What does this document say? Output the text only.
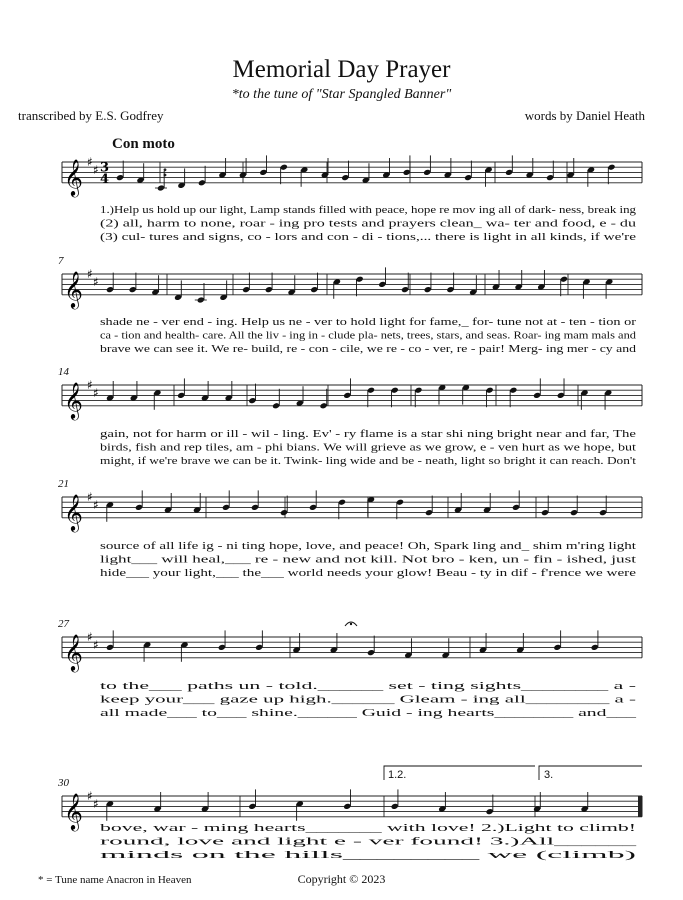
Memorial Day Prayer
*to the tune of "Star Spangled Banner"
transcribed by E.S. Godfrey	words by Daniel Heath
Con moto
𝄞 ♯
♯ 3
4
1.)Help us hold up our light, Lamp stands filled with peace, hope re mov ing all of dark- ness, break ing
(2) all, harm to none, roar - ing pro tests and prayers clean_ wa- ter and food, e - du
(3) cul- tures and signs, co - lors and con - di - tions,... there is light in all kinds, if we're
𝄞 ♯
♯
7
shade ne - ver end - ing. Help us ne - ver to hold light for fame,_ for- tune not at - ten - tion or
ca - tion and health- care. All the liv - ing in - clude pla- nets, trees, stars, and seas. Roar- ing mam mals and
brave we can see it. We re- build, re - con - cile, we re - co - ver, re - pair! Merg- ing mer - cy and
𝄞 ♯
♯
14
gain, not for harm or ill - wil - ling. Ev' - ry flame is a star shi ning bright near and far, The
birds, fish and rep tiles, am - phi bians. We will grieve as we grow, e - ven hurt as we hope, but
might, if we're brave we can be it. Twink- ling wide and be - neath, light so bright it can reach. Don't
𝄞 ♯
♯
21
source of all life ig - ni ting hope, love, and peace! Oh, Spark ling and_ shim m'ring light
light___ will heal,___ re - new and not kill. Not bro - ken, un - fin - ished, just
hide___ your light,___ the___ world needs your glow! Beau - ty in dif - f'rence we were
𝄞 ♯
♯
27
to the___ paths un - told.______ set - ting sights________ a -
keep your___ gaze up high.______ Gleam - ing all________ a -
all made___ to___ shine.______ Guid - ing hearts________ and___
𝄞 ♯
♯
30
1.2.	3.
bove, war - ming hearts_______ with love! 2.)Light to climb!
round, love and light e - ver found! 3.)All______
minds on the hills________ we (climb)
* = Tune name Anacron in Heaven	Copyright © 2023
